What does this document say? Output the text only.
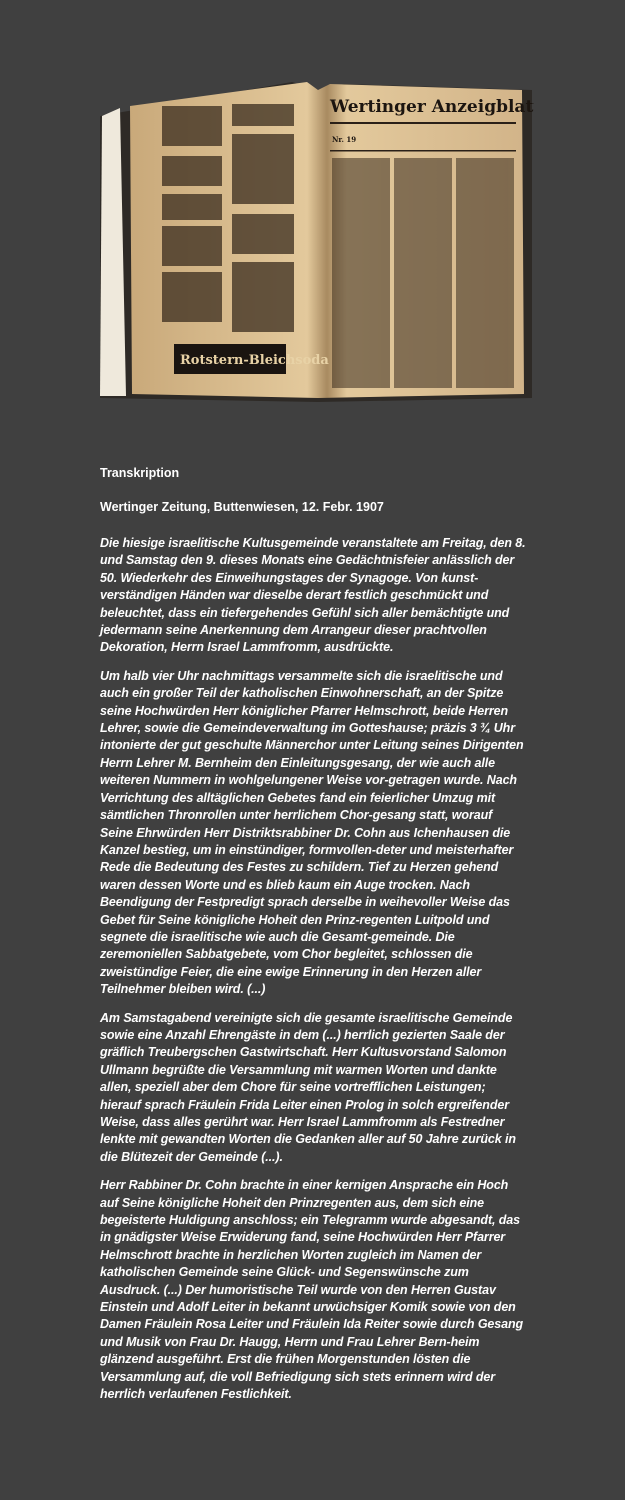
Rotstern-Bleichsoda
Wertinger Anzeigblatt
Nr. 19
Transkription
Wertinger Zeitung, Buttenwiesen, 12. Febr. 1907

Die hiesige israelitische Kultusgemeinde veranstaltete am Freitag, den 8. und Samstag den 9. dieses Monats eine Gedächtnisfeier anlässlich der 50. Wiederkehr des Einweihungstages der Synagoge. Von kunst-verständigen Händen war dieselbe derart festlich geschmückt und beleuchtet, dass ein tiefergehendes Gefühl sich aller bemächtigte und jedermann seine Anerkennung dem Arrangeur dieser prachtvollen Dekoration, Herrn Israel Lammfromm, ausdrückte.

Um halb vier Uhr nachmittags versammelte sich die israelitische und auch ein großer Teil der katholischen Einwohnerschaft, an der Spitze seine Hochwürden Herr königlicher Pfarrer Helmschrott, beide Herren Lehrer, sowie die Gemeindeverwaltung im Gotteshause; präzis 3 ¾ Uhr intonierte der gut geschulte Männerchor unter Leitung seines Dirigenten Herrn Lehrer M. Bernheim den Einleitungsgesang, der wie auch alle weiteren Nummern in wohlgelungener Weise vor-getragen wurde. Nach Verrichtung des alltäglichen Gebetes fand ein feierlicher Umzug mit sämtlichen Thronrollen unter herrlichem Chor-gesang statt, worauf Seine Ehrwürden Herr Distriktsrabbiner Dr. Cohn aus Ichenhausen die Kanzel bestieg, um in einstündiger, formvollen-deter und meisterhafter Rede die Bedeutung des Festes zu schildern. Tief zu Herzen gehend waren dessen Worte und es blieb kaum ein Auge trocken. Nach Beendigung der Festpredigt sprach derselbe in weihevoller Weise das Gebet für Seine königliche Hoheit den Prinz-regenten Luitpold und segnete die israelitische wie auch die Gesamt-gemeinde. Die zeremoniellen Sabbatgebete, vom Chor begleitet, schlossen die zweistündige Feier, die eine ewige Erinnerung in den Herzen aller Teilnehmer bleiben wird. (...)

Am Samstagabend vereinigte sich die gesamte israelitische Gemeinde sowie eine Anzahl Ehrengäste in dem (...) herrlich gezierten Saale der gräflich Treubergschen Gastwirtschaft. Herr Kultusvorstand Salomon Ullmann begrüßte die Versammlung mit warmen Worten und dankte allen, speziell aber dem Chore für seine vortrefflichen Leistungen; hierauf sprach Fräulein Frida Leiter einen Prolog in solch ergreifender Weise, dass alles gerührt war. Herr Israel Lammfromm als Festredner lenkte mit gewandten Worten die Gedanken aller auf 50 Jahre zurück in die Blütezeit der Gemeinde (...).

Herr Rabbiner Dr. Cohn brachte in einer kernigen Ansprache ein Hoch auf Seine königliche Hoheit den Prinzregenten aus, dem sich eine begeisterte Huldigung anschloss; ein Telegramm wurde abgesandt, das in gnädigster Weise Erwiderung fand, seine Hochwürden Herr Pfarrer Helmschrott brachte in herzlichen Worten zugleich im Namen der katholischen Gemeinde seine Glück- und Segenswünsche zum Ausdruck. (...) Der humoristische Teil wurde von den Herren Gustav Einstein und Adolf Leiter in bekannt urwüchsiger Komik sowie von den Damen Fräulein Rosa Leiter und Fräulein Ida Reiter sowie durch Gesang und Musik von Frau Dr. Haugg, Herrn und Frau Lehrer Bern-heim glänzend ausgeführt. Erst die frühen Morgenstunden lösten die Versammlung auf, die voll Befriedigung sich stets erinnern wird der herrlich verlaufenen Festlichkeit.
